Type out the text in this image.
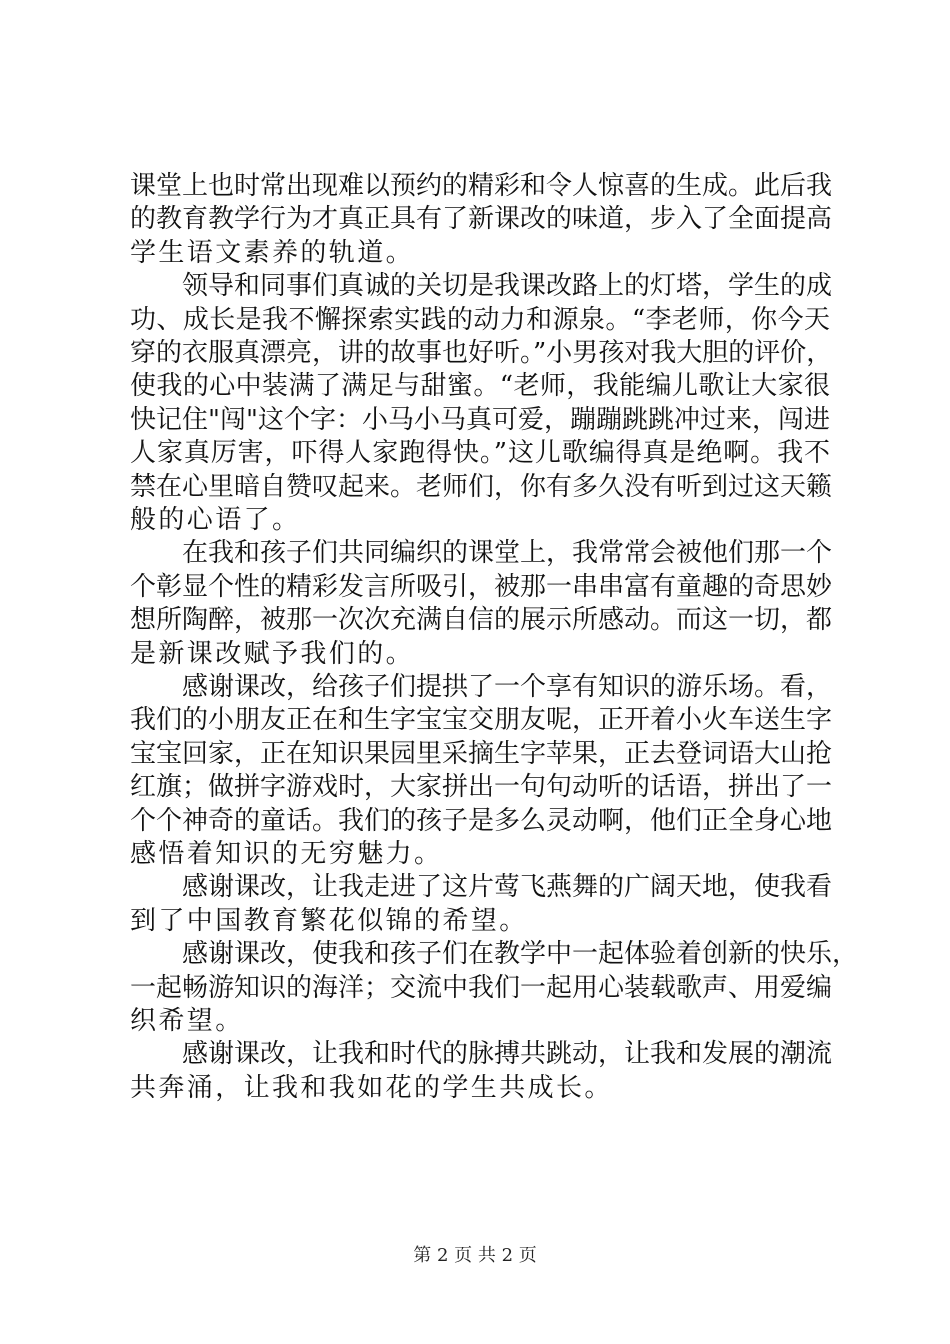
课堂上也时常出现难以预约的精彩和令人惊喜的生成。此后我
的教育教学行为才真正具有了新课改的味道，步入了全面提高
学生语文素养的轨道。
　　领导和同事们真诚的关切是我课改路上的灯塔，学生的成
功、成长是我不懈探索实践的动力和源泉。“李老师，你今天
穿的衣服真漂亮，讲的故事也好听。”小男孩对我大胆的评价，
使我的心中装满了满足与甜蜜。“老师，我能编儿歌让大家很
快记住"闯"这个字：小马小马真可爱，蹦蹦跳跳冲过来，闯进
人家真厉害，吓得人家跑得快。”这儿歌编得真是绝啊。我不
禁在心里暗自赞叹起来。老师们，你有多久没有听到过这天籁
般的心语了。
　　在我和孩子们共同编织的课堂上，我常常会被他们那一个
个彰显个性的精彩发言所吸引，被那一串串富有童趣的奇思妙
想所陶醉，被那一次次充满自信的展示所感动。而这一切，都
是新课改赋予我们的。
　　感谢课改，给孩子们提拱了一个享有知识的游乐场。看，
我们的小朋友正在和生字宝宝交朋友呢，正开着小火车送生字
宝宝回家，正在知识果园里采摘生字苹果，正去登词语大山抢
红旗；做拼字游戏时，大家拼出一句句动听的话语，拼出了一
个个神奇的童话。我们的孩子是多么灵动啊，他们正全身心地
感悟着知识的无穷魅力。
　　感谢课改，让我走进了这片莺飞燕舞的广阔天地，使我看
到了中国教育繁花似锦的希望。
　　感谢课改，使我和孩子们在教学中一起体验着创新的快乐，
一起畅游知识的海洋；交流中我们一起用心装载歌声、用爱编
织希望。
　　感谢课改，让我和时代的脉搏共跳动，让我和发展的潮流
共奔涌，让我和我如花的学生共成长。
第 2 页 共 2 页
